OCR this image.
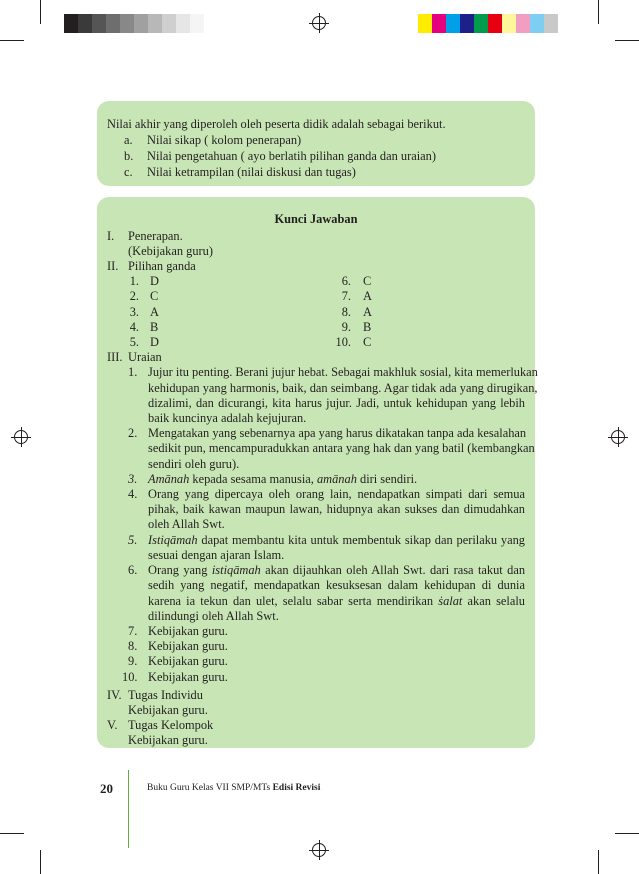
Nilai akhir yang diperoleh oleh peserta didik adalah sebagai berikut.
a. Nilai sikap ( kolom penerapan)
b. Nilai pengetahuan ( ayo berlatih pilihan ganda dan uraian)
c. Nilai ketrampilan (nilai diskusi dan tugas)
Kunci Jawaban
I. Penerapan.
(Kebijakan guru)
II. Pilihan ganda
1. D
2. C
3. A
4. B
5. D
6. C
7. A
8. A
9. B
10. C
III. Uraian
1. Jujur itu penting. Berani jujur hebat. Sebagai makhluk sosial, kita memerlukan
kehidupan yang harmonis, baik, dan seimbang. Agar tidak ada yang dirugikan,
dizalimi, dan dicurangi, kita harus jujur. Jadi, untuk kehidupan yang lebih
baik kuncinya adalah kejujuran.
2. Mengatakan yang sebenarnya apa yang harus dikatakan tanpa ada kesalahan
sedikit pun, mencampuradukkan antara yang hak dan yang batil (kembangkan
sendiri oleh guru).
3. Amānah kepada sesama manusia, amānah diri sendiri.
4. Orang yang dipercaya oleh orang lain, nendapatkan simpati dari semua
pihak, baik kawan maupun lawan, hidupnya akan sukses dan dimudahkan
oleh Allah Swt.
5. Istiqāmah dapat membantu kita untuk membentuk sikap dan perilaku yang
sesuai dengan ajaran Islam.
6. Orang yang istiqāmah akan dijauhkan oleh Allah Swt. dari rasa takut dan
sedih yang negatif, mendapatkan kesuksesan dalam kehidupan di dunia
karena ia tekun dan ulet, selalu sabar serta mendirikan ṡalat akan selalu
dilindungi oleh Allah Swt.
7. Kebijakan guru.
8. Kebijakan guru.
9. Kebijakan guru.
10. Kebijakan guru.
IV. Tugas Individu
Kebijakan guru.
V. Tugas Kelompok
Kebijakan guru.
20	Buku Guru Kelas VII SMP/MTs Edisi Revisi
